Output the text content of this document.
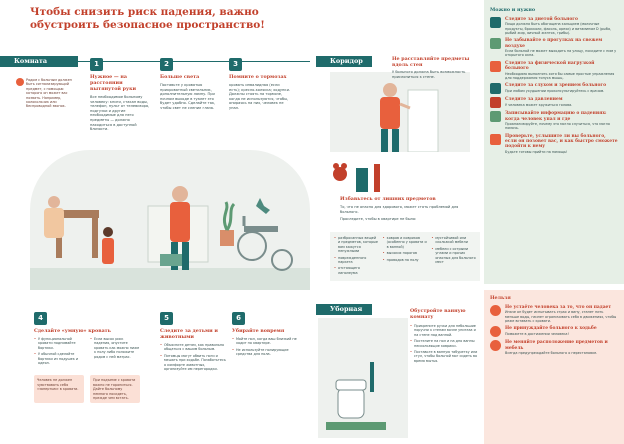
Чтобы снизить риск падения, важно обустроить безопасное пространство!
Комната
Рядом с больным должен быть сигнализирующий предмет, с помощью которого он может вас позвать. Например, колокольчик или беспроводной звонок.
1
Нужное — на расстоянии вытянутой руки
Все необходимое больному человеку: книги, стакан воды, телефон, пульт от телевизора, подгузки и другие необходимые для него предметы — должно находиться в доступной близости.
2
Больше света
Поставьте у кроватью прикроватный светильник, дополнительную лампу. При ночном выходе в туалет это будет удобно. Сделайте так, чтобы свет не слепил глаза.
3
Помните о тормозах
кровать инвалидная (если есть); кресло-коляска; ходунки. Должны стоять на тормозе, когда не используются, чтобы, опираясь на них, человек не упал.
4
Сделайте «умную» кровать
• У функциональной кровати поднимайте бортики.
• У обычной сделайте бортики из подушек и одеял.
• Если высок риск падения, опустите кровать как можно ниже к полу либо положите рядом с ней матрас.
Человек не должен чувствовать себя «запертым» в кровати.
При подъеме с кровати важно не торопиться. Дайте больному немного посидеть, прежде чем встать.
5
Следите за детьми и животными
• Объясните детям, как правильно общаться с вашим больным.
• Питомцы могут обвить ноги и мешать при ходьбе. Позаботьтесь о комфорте животных, организуйте им перегородки.
6
Убирайте вовремя
• Мойте пол, когда ваш близкий не ходит по квартире.
• Не используйте полирующие средства для пола.
Коридор	Не расставляйте предметы вдоль стен
У больного должна быть возможность прислониться к стене.
Избавьтесь от лишних предметов
То, что не опасно для здорового, может стать проблемой для больного.
Проследите, чтобы в квартире не было:
• разбросанных вещей и предметов, которые вам кажутся ненужными
• поврежденного паркета
• отстающего линолеума
• ковров и ковриков (особенно у кровати и в ванной)
• высоких порогов
• проводов на полу
• мустойчивой или скользкой мебели
• мебели с острыми углами и прочих опасных для больного мест
Уборная	Обустройте ванную комнату
• Прикрепите ручки для небольшие поручни к стенам возле унитаза и на стене над ванной.
• Постелите на пол и на дно ванны нескользящие коврики.
• Поставьте в ванную табуретку или стул, чтобы больной мог сидеть во время мытья.
Можно и нужно
Следите за диетой больного
Пища должна быть обогащена кальцием (молочные продукты, брокколи, фасоль, орехи) и витамином D (рыба, рыбий жир, яичный желток, грибы).
Не забывайте о прогулках на свежем воздухе
Если больной не может выходить на улицу, посидите с ним у открытого окна.
Следите за физической нагрузкой больного
Необходимо выполнять хотя бы самые простые упражнения для поддержания тонуса мышц.
Следите за слухом и зрением больного
При любом ухудшении проконсультируйтесь с врачом.
Следите за давлением
У человека может кружиться голова.
Записывайте информацию о падениях: когда человек упал и где
Проанализируйте, почему это могло случиться, что могло помочь.
Проверьте, услышите ли вы больного, если он позовет вас, и как быстро сможете подойти к нему
Будьте готовы прийти на помощь!
Нельзя
Не устаёте человека за то, что он падает
Иначе он будет испытывать страх и вину, станет пить меньше воды, начнет ограничивать себя в движениях, чтобы реже вставать с кровати.
Не принуждайте больного к ходьбе
Поможете в достижении человека!
Не меняйте расположение предметов и мебель
Всегда предупреждайте больного о перестановке.
